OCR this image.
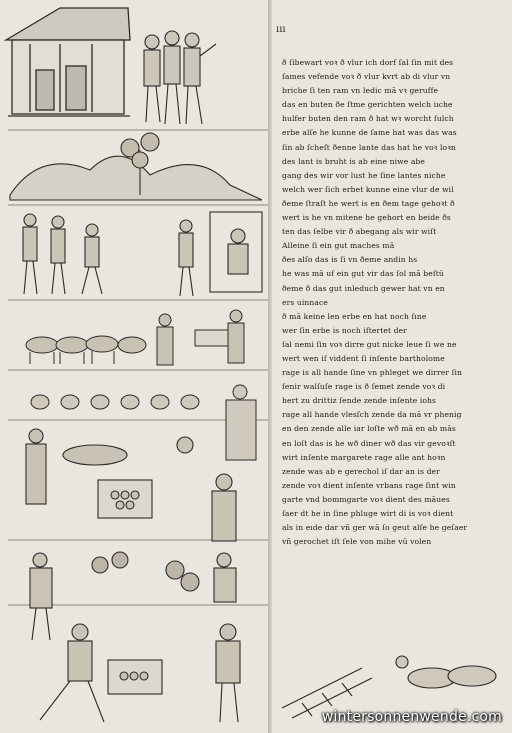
ııı
ð ſibewart voꝛ ð vlur ich dorf ſal ſin mit des
ſames vefende voꝛ ð vlur kvrt ab di vlur vn
briche ſi ten ram vn ledic mā vꝛ geruffe
das en buten ðe ſtme gerichten welch iıche
hulfer buten den ram ð hat wꝛ worcht ſulch
erbe alſe he kunne de ſame hat was das was
ſin ab ſcheſt ðenne lante das hat he voꝛ loꝛn
des lant is bruht is ab eine niwe abe
gang des wir vor lust he ſine lantes niche
welch wer ſich erbet kunne eine vlur de wil
ðeme ſtraſt he wert is en ðem tage gehoꝛt ð
wert is he vn mitene he gehort en beide ðs
ten das ſelbe vir ð abegang als wir wiſt
Alleine ſi ein gut maches mā
ðes alſo das is ſi vn ðeme andin hs
he was mā uf ein gut vir das ſol mā beſtū
ðeme ð das gut inleduch gewer hat vn en
ers uinnace
ð mā keine len erbe en hat noch ſıne
wer ſin erbe is noch iſtertet der
ſal nemi ſin voꝛ dirre gut nicke leue ſi we ne
wert wen iſ viddent ſi inſente bartholome
rage is all hande ſine vn phleget we dirrer ſin
ſenir walſuſe rage is ð ſemet zende voꝛ di
hert zu drittiz ſende zende inſente iohs
rage all hande vlesſch zende da mā vr phenig
en den zende alle iar loſte wð mā en ab mās
en loſt das is he wð diner wð das vir gevoꝛſt
wirt inſente margarete rage alle ant hoꝛn
zende was ab e gerechol iſ dar an is der
zende voꝛ dient inſente vrbans rage ſint win
garte vnd bommgarte voꝛ dient des māues
ſaer dt he in ſine phluge wirt di is voꝛ dient
als in eıde dar vñ ger wā ſo geut alſe he geſaer
vñ gerochet iſt ſele von mihe vū volen
wintersonnenwende.com
